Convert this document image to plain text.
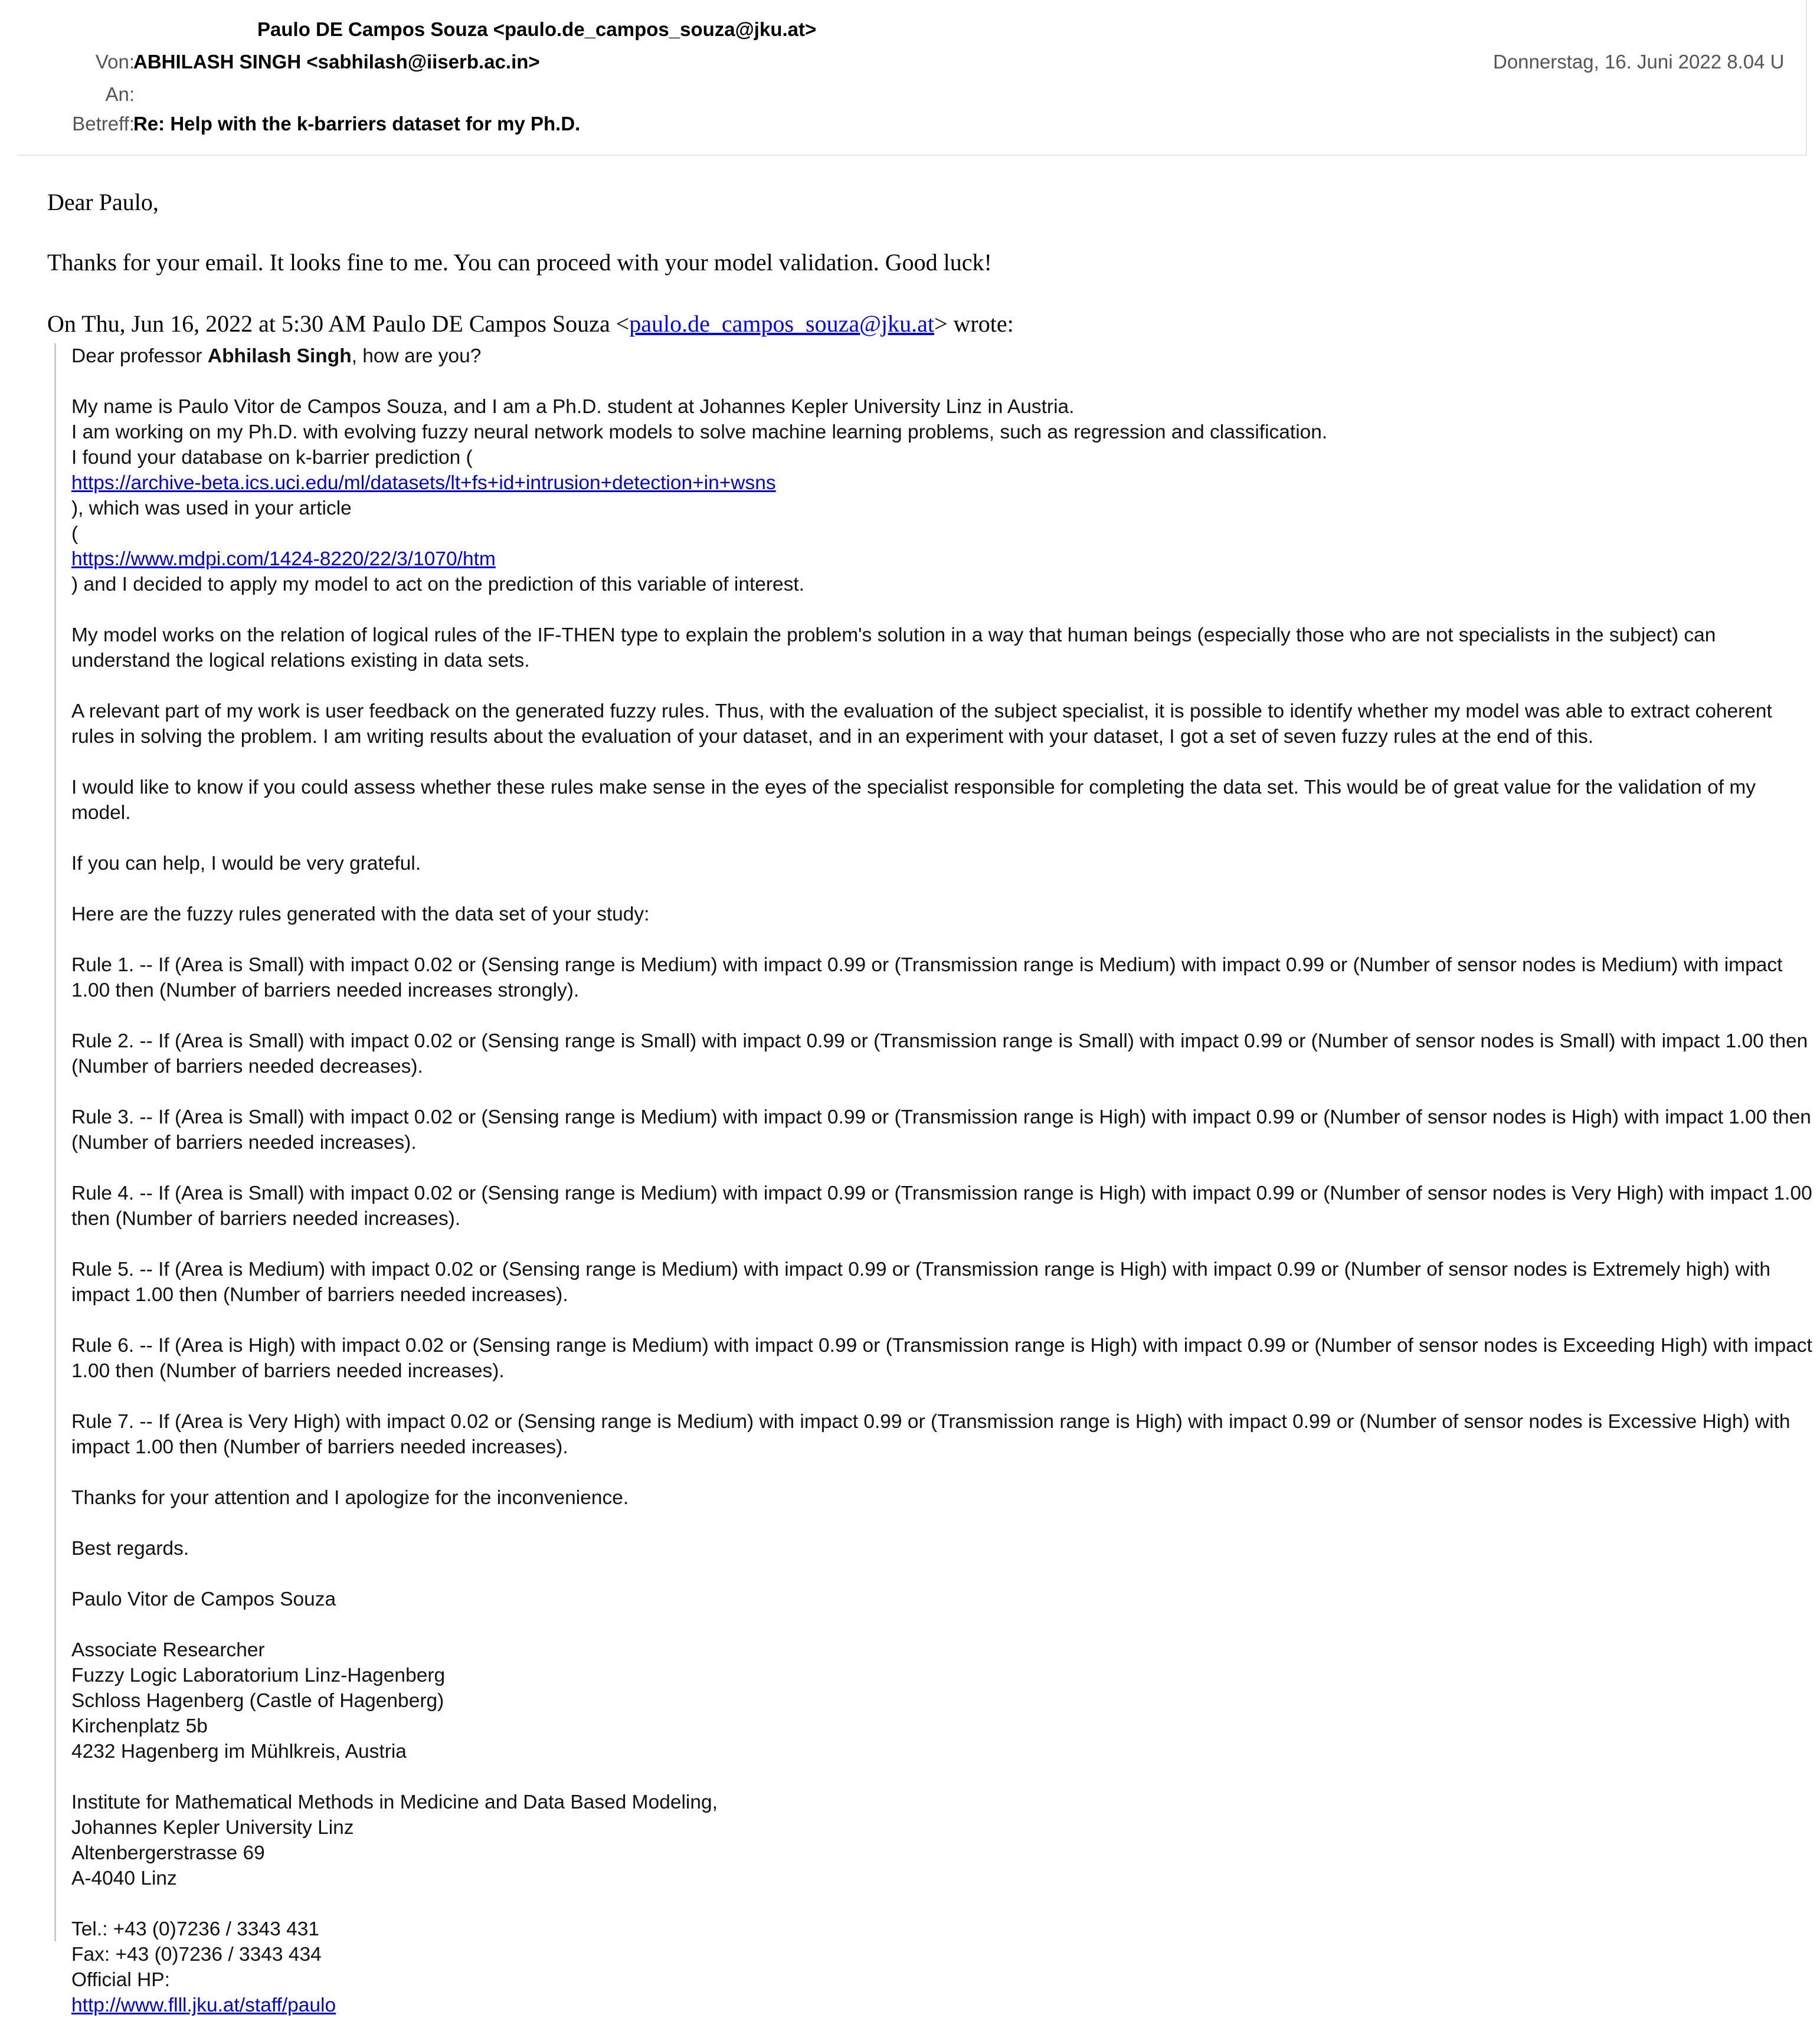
Paulo DE Campos Souza <paulo.de_campos_souza@jku.at>
Von:
ABHILASH SINGH <sabhilash@iiserb.ac.in>	Donnerstag, 16. Juni 2022 8.04 U
An:
Betreff:
Re: Help with the k-barriers dataset for my Ph.D.
Dear Paulo,
Thanks for your email. It looks fine to me. You can proceed with your model validation. Good luck!
On Thu, Jun 16, 2022 at 5:30 AM Paulo DE Campos Souza <paulo.de_campos_souza@jku.at> wrote:

Dear professor Abhilash Singh, how are you?

My name is Paulo Vitor de Campos Souza, and I am a Ph.D. student at Johannes Kepler University Linz in Austria.
I am working on my Ph.D. with evolving fuzzy neural network models to solve machine learning problems, such as regression and classification.
I found your database on k-barrier prediction (
https://archive-beta.ics.uci.edu/ml/datasets/lt+fs+id+intrusion+detection+in+wsns
), which was used in your article
(
https://www.mdpi.com/1424-8220/22/3/1070/htm
) and I decided to apply my model to act on the prediction of this variable of interest.

My model works on the relation of logical rules of the IF-THEN type to explain the problem's solution in a way that human beings (especially those who are not specialists in the subject) can understand the logical relations existing in data sets.

A relevant part of my work is user feedback on the generated fuzzy rules. Thus, with the evaluation of the subject specialist, it is possible to identify whether my model was able to extract coherent rules in solving the problem. I am writing results about the evaluation of your dataset, and in an experiment with your dataset, I got a set of seven fuzzy rules at the end of this.

I would like to know if you could assess whether these rules make sense in the eyes of the specialist responsible for completing the data set. This would be of great value for the validation of my model.

If you can help, I would be very grateful.

Here are the fuzzy rules generated with the data set of your study:

Rule 1. -- If (Area is Small) with impact 0.02 or (Sensing range is Medium) with impact 0.99 or (Transmission range is Medium) with impact 0.99 or (Number of sensor nodes is Medium) with impact 1.00 then (Number of barriers needed increases strongly).

Rule 2. -- If (Area is Small) with impact 0.02 or (Sensing range is Small) with impact 0.99 or (Transmission range is Small) with impact 0.99 or (Number of sensor nodes is Small) with impact 1.00 then (Number of barriers needed decreases).

Rule 3. -- If (Area is Small) with impact 0.02 or (Sensing range is Medium) with impact 0.99 or (Transmission range is High) with impact 0.99 or (Number of sensor nodes is High) with impact 1.00 then (Number of barriers needed increases).

Rule 4. -- If (Area is Small) with impact 0.02 or (Sensing range is Medium) with impact 0.99 or (Transmission range is High) with impact 0.99 or (Number of sensor nodes is Very High) with impact 1.00 then (Number of barriers needed increases).

Rule 5. -- If (Area is Medium) with impact 0.02 or (Sensing range is Medium) with impact 0.99 or (Transmission range is High) with impact 0.99 or (Number of sensor nodes is Extremely high) with impact 1.00 then (Number of barriers needed increases).

Rule 6. -- If (Area is High) with impact 0.02 or (Sensing range is Medium) with impact 0.99 or (Transmission range is High) with impact 0.99 or (Number of sensor nodes is Exceeding High) with impact 1.00 then (Number of barriers needed increases).

Rule 7. -- If (Area is Very High) with impact 0.02 or (Sensing range is Medium) with impact 0.99 or (Transmission range is High) with impact 0.99 or (Number of sensor nodes is Excessive High) with impact 1.00 then (Number of barriers needed increases).

Thanks for your attention and I apologize for the inconvenience.

Best regards.

Paulo Vitor de Campos Souza

Associate Researcher
Fuzzy Logic Laboratorium Linz-Hagenberg
Schloss Hagenberg (Castle of Hagenberg)
Kirchenplatz 5b
4232 Hagenberg im Mühlkreis, Austria

Institute for Mathematical Methods in Medicine and Data Based Modeling,
Johannes Kepler University Linz
Altenbergerstrasse 69
A-4040 Linz

Tel.: +43 (0)7236 / 3343 431
Fax: +43 (0)7236 / 3343 434
Official HP:
http://www.flll.jku.at/staff/paulo
